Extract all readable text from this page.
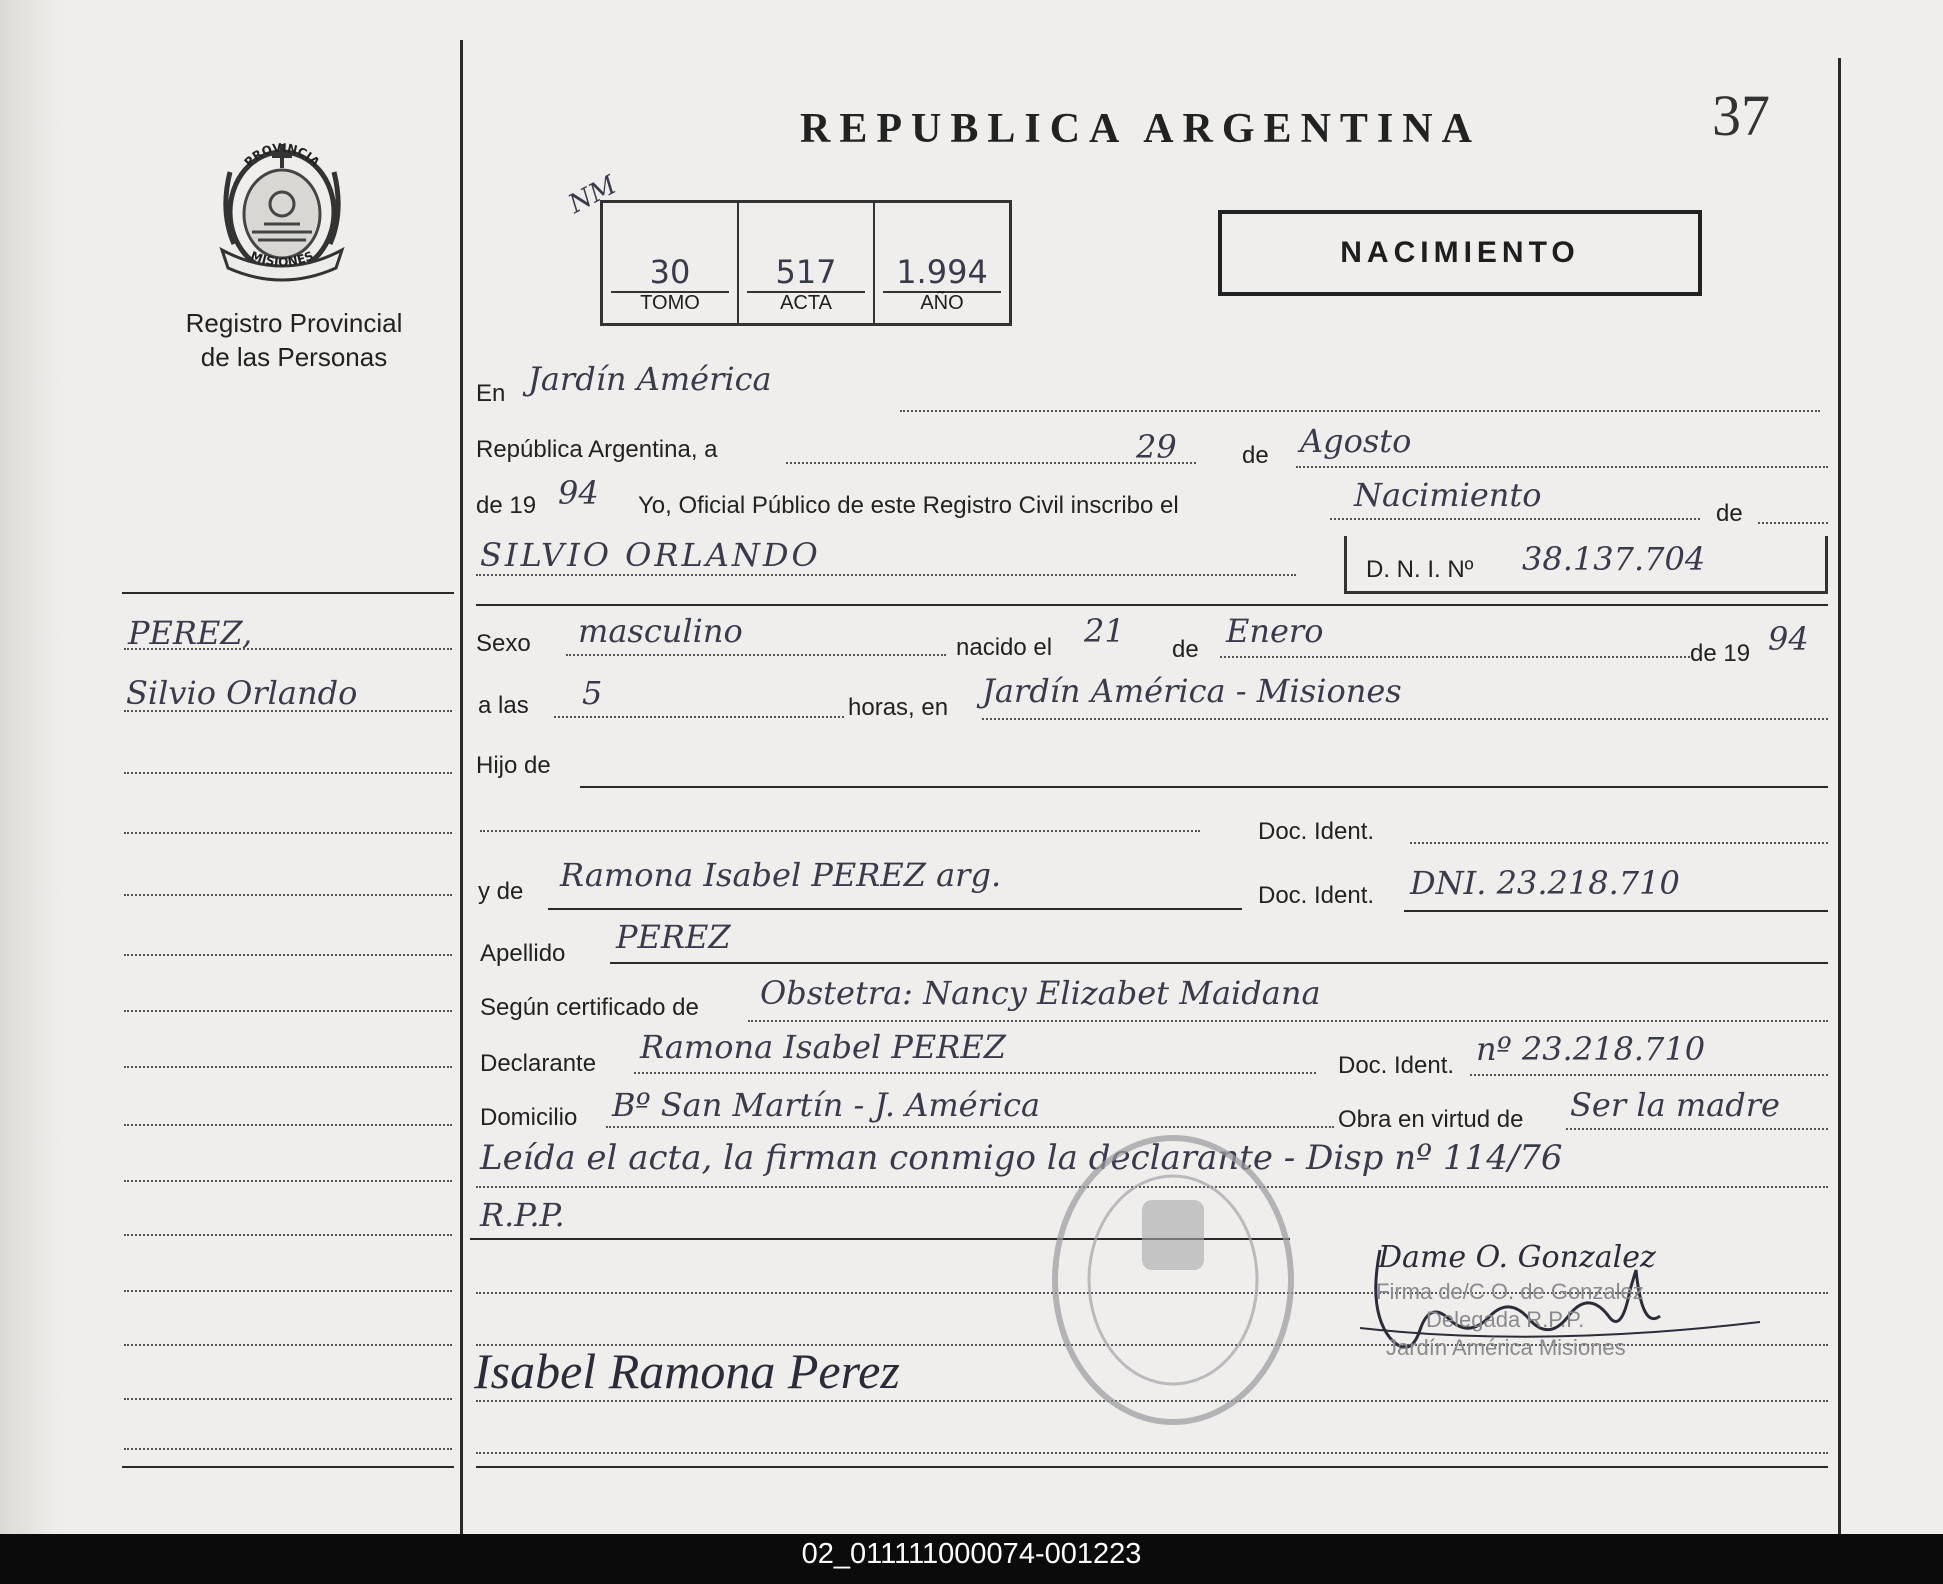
REPUBLICA ARGENTINA	37
NACIMIENTO
NM
30
TOMO
517
ACTA
1.994
AÑO
PROVINCIA
MISIONES
Registro Provincial
de las Personas
PEREZ,
Silvio Orlando
En Jardín América
República Argentina, a	29	de Agosto
de 19 94 Yo, Oficial Público de este Registro Civil inscribo el	Nacimiento	de
SILVIO ORLANDO	D. N. I. Nº 38.137.704
Sexo masculino	nacido el 21 de Enero
de 19 94
a las 5	horas, en Jardín América - Misiones
Hijo de
Doc. Ident.
y de Ramona Isabel PEREZ arg.
Doc. Ident. DNI. 23.218.710
Apellido PEREZ
Según certificado de Obstetra: Nancy Elizabet Maidana
Declarante Ramona Isabel PEREZ	Doc. Ident. nº 23.218.710
Domicilio Bº San Martín - J. América	Obra en virtud de Ser la madre
Leída el acta, la firman conmigo la declarante - Disp nº 114/76
R.P.P.
Isabel Ramona Perez
Dame O. Gonzalez
Firma de/C O. de Gonzalez
Delegada R.P.P.
Jardín América Misiones
02_011111000074-001223
